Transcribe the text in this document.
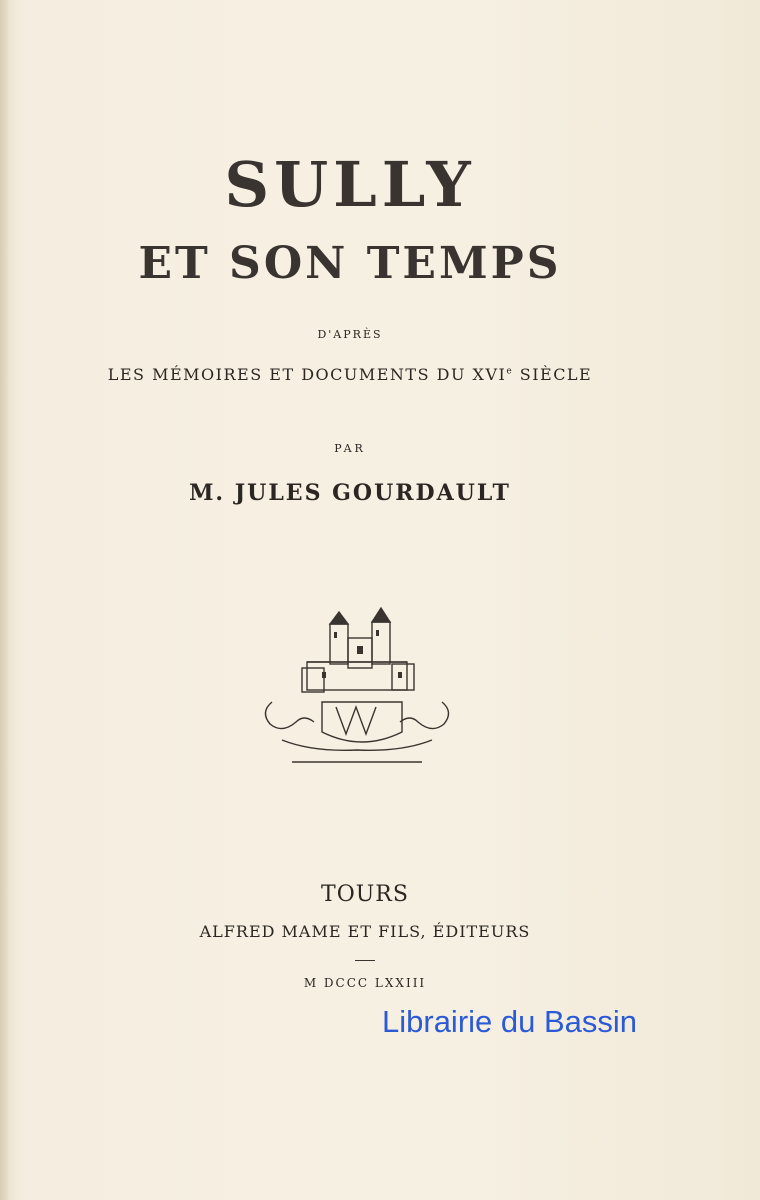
SULLY
ET SON TEMPS
D'APRÈS
LES MÉMOIRES ET DOCUMENTS DU XVIe SIÈCLE
PAR
M. JULES GOURDAULT
TOURS
ALFRED MAME ET FILS, ÉDITEURS
M DCCC LXXIII
Librairie du Bassin
